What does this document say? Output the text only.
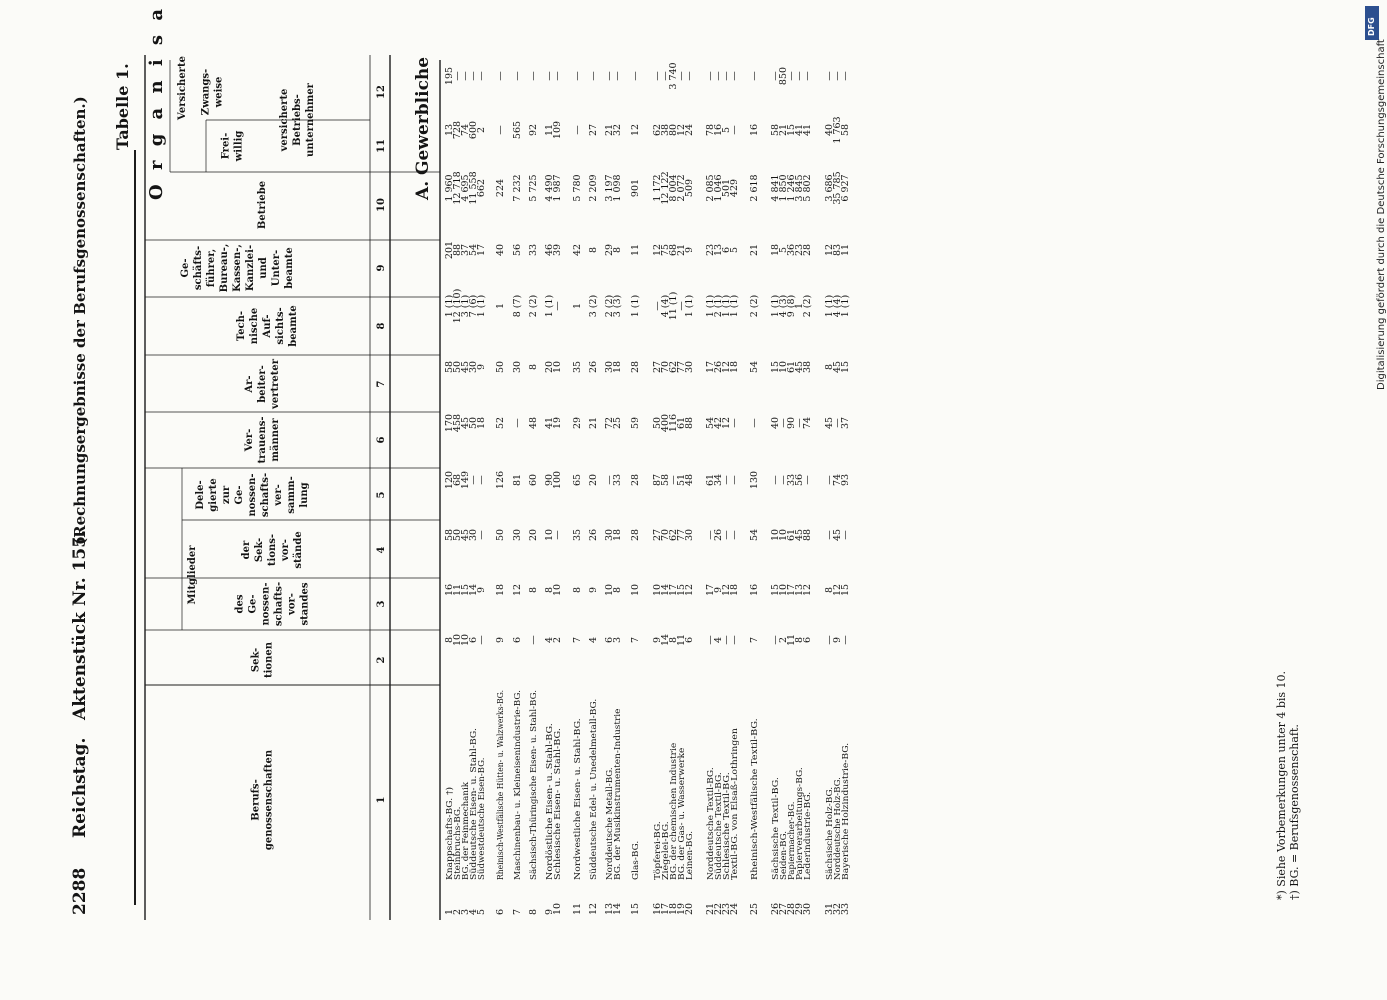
2288
Reichstag.
Aktenstück Nr. 155.
(Rechnungsergebnisse der Berufsgenossenschaften.) Tabelle 1. O r g a n i s a	A. Gewerbliche
Berufs- genossenschaften
Mitglieder
Sek- tionen
des Ge- nossen- schafts- vor- standes
der Sek- tions- vor- stände
Dele- gierte zur Ge- nossen- schafts- ver- samm- lung
Ver- trauens- männer
Ar- beiter- vertreter
Tech- nische Auf- sichts- beamte
Ge- schäfts- führer, Bureau-, Kassen-, Kanzlei- und Unter- beamte
Betriebe
Versicherte
Frei- willig
Zwangs- weise	versicherte Betriebs- unternehmer
1
2
3
4
5
6
7
8
9
10
11
12
1
Knappschafts-BG. †)
8
16
58
120
170
58
1 (1)
201
1 960
13
195
2
Steinbruchs-BG.
10
11
50
68
458
50
12 (10)
88
12 718
728
—
3
BG. der Feinmechanik
10
15
45
149
45
45
3 (1)
37
4 695
74
—
4
Süddeutsche Eisen- u. Stahl-BG.
6
14
30
—
50
30
7 (6)
54
11 558
600
—
5
Südwestdeutsche Eisen-BG.
—
9
—
—
18
9
1 (1)
17
662
2
—
6
Rheinisch-Westfälische Hütten- u. Walzwerks-BG.
9
18
50
126
52
50
1
40
224
—
—
7
Maschinenbau- u. Kleineisenindustrie-BG.
6
12
30
81
—
30
8 (7)
56
7 232
565
—
8
Sächsisch-Thüringische Eisen- u. Stahl-BG.
—
8
20
60
48
8
2 (2)
33
5 725
92
—
9
Nordöstliche Eisen- u. Stahl-BG.
4
8
10
90
41
20
1 (1)
46
4 490
11
—
10
Schlesische Eisen- u. Stahl-BG.
2
10
—
100
19
10
—
39
1 987
109
—
11
Nordwestliche Eisen- u. Stahl-BG.
7
8
35
65
29
35
1
42
5 780
—
—
12
Süddeutsche Edel- u. Unedelmetall-BG.
4
9
26
20
21
26
3 (2)
8
2 209
27
—
13
Norddeutsche Metall-BG.
6
10
30
—
72
30
2 (2)
29
3 197
21
—
14
BG. der Musikinstrumenten-Industrie
3
8
18
33
25
18
3 (3)
8
1 098
32
—
15
Glas-BG.
7
10
28
28
59
28
1 (1)
11
901
12
—
16
Töpferei-BG.
9
10
27
87
50
27
—
12
1 172
62
—
17
Ziegelei-BG.
14
14
70
58
400
70
4 (4)
75
12 122
38
—
18
BG. der chemischen Industrie
8
17
62
—
116
62
11 (1)
68
8 004
80
3 740
19
BG. der Gas- u. Wasserwerke
11
15
77
51
61
77
—
21
2 072
12
—
20
Leinen-BG.
6
12
30
48
88
30
1 (1)
9
509
24
—
21
Norddeutsche Textil-BG.
—
17
—
61
54
17
1 (1)
23
2 085
78
—
22
Süddeutsche Textil-BG.
4
9
26
34
42
26
2 (1)
13
1 046
16
—
23
Schlesische Textil-BG.
—
12
—
—
12
12
1 (1)
6
501
5
—
24
Textil-BG. von Elsaß-Lothringen
—
18
—
—
—
18
1 (1)
5
429
—
—
25
Rheinisch-Westfälische Textil-BG.
7
16
54
130
—
54
2 (2)
21
2 618
16
—
26
Sächsische Textil-BG.
—
15
10
—
40
15
1 (1)
18
4 841
58
—
27
Seiden-BG.
2
10
10
—
—
10
4 (3)
5
1 850
21
850
28
Papiermacher-BG.
11
17
61
33
90
61
9 (8)
36
1 246
15
—
29
Papierverarbeitungs-BG.
8
13
45
56
—
45
1
23
3 845
41
—
30
Lederindustrie-BG.
6
12
88
—
74
38
2 (2)
28
5 802
41
—
31
Sächsische Holz-BG.
—
8
—
—
45
8
1 (1)
12
3 686
40
—
32
Norddeutsche Holz-BG.
9
12
45
74
—
45
4 (4)
83
35 785
1 763
—
33
Bayerische Holzindustrie-BG.
—
15
—
93
37
15
1 (1)
11
6 927
58
—
*) Siehe Vorbemerkungen unter 4 bis 10. †) BG. = Berufsgenossenschaft.
DFG
Digitalisierung gefördert durch die Deutsche Forschungsgemeinschaft
